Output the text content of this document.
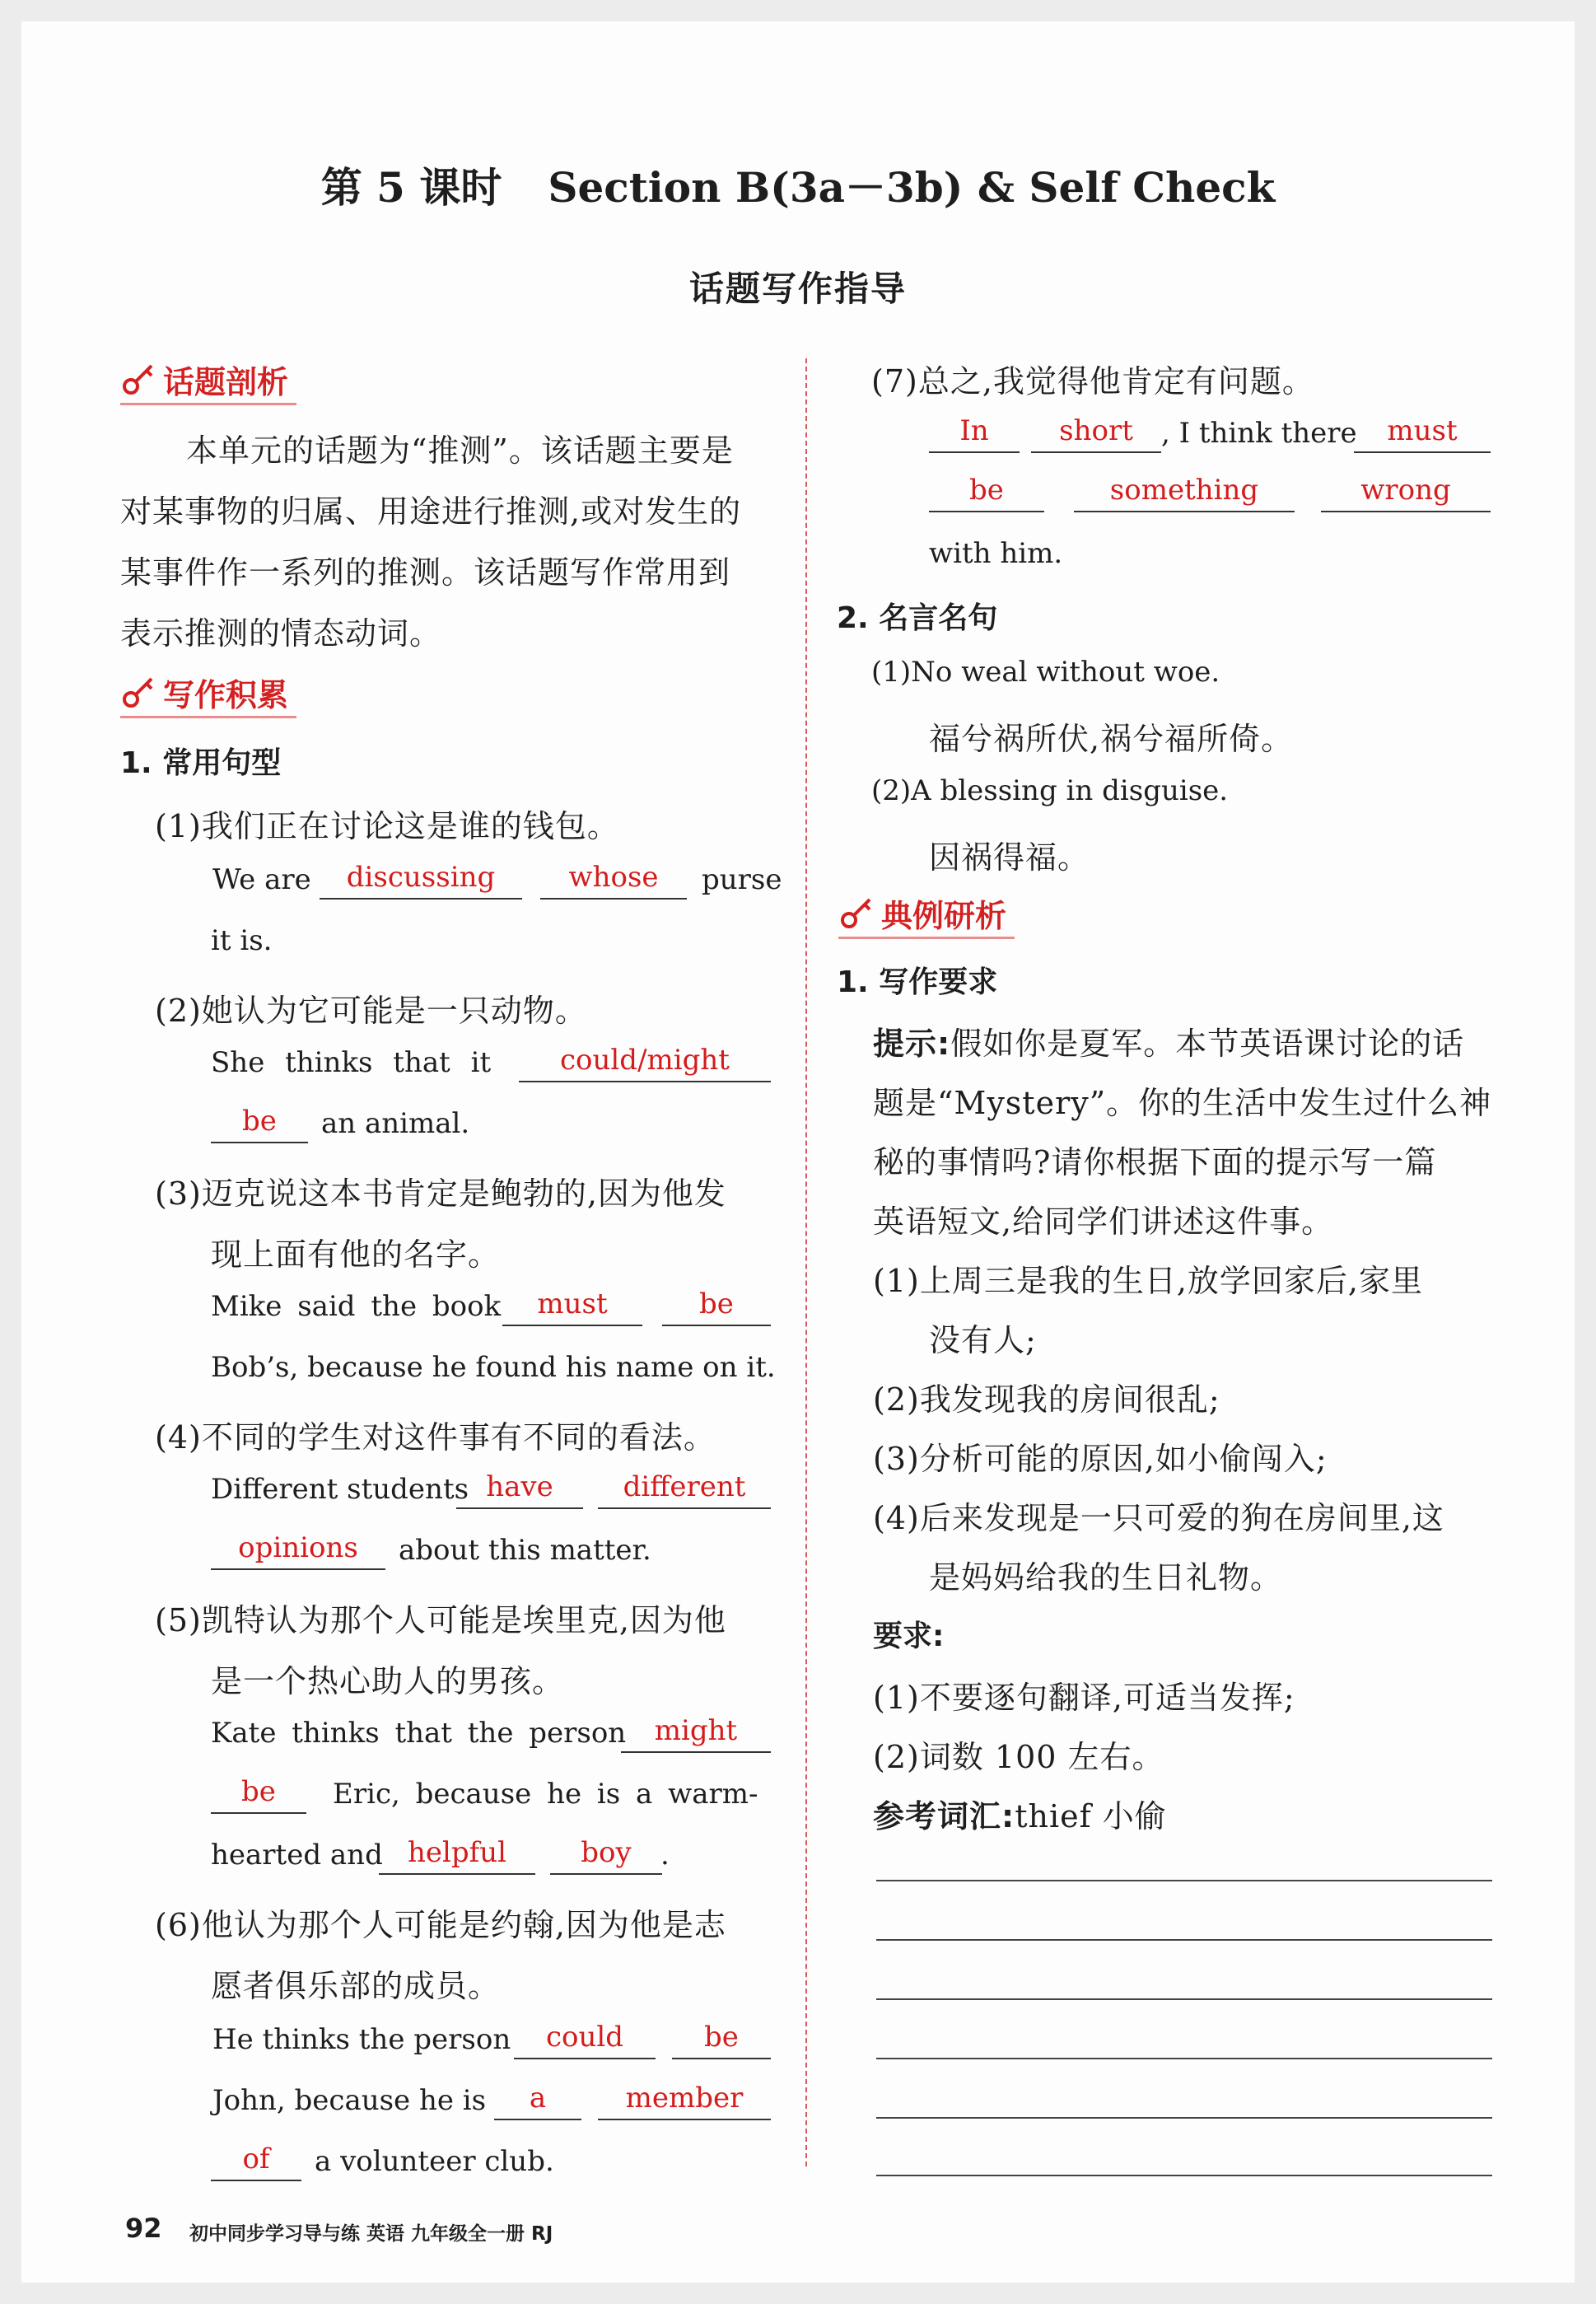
第 5 课时 Section B(3a－3b) & Self Check
话题写作指导
话题剖析
本单元的话题为“推测”。该话题主要是
对某事物的归属、用途进行推测,或对发生的
某事件作一系列的推测。该话题写作常用到
表示推测的情态动词。
写作积累
1. 常用句型
(1)我们正在讨论这是谁的钱包。
We are	discussing	whose	purse
it is.
(2)她认为它可能是一只动物。
She thinks that it	could/might
be	an animal.
(3)迈克说这本书肯定是鲍勃的,因为他发
现上面有他的名字。
Mike said the book	must	be
Bob’s, because he found his name on it.
(4)不同的学生对这件事有不同的看法。
Different students have	different
opinions	about this matter.
(5)凯特认为那个人可能是埃里克,因为他
是一个热心助人的男孩。
Kate thinks that the person	might
be	Eric, because he is a warm-
hearted and helpful	boy	.
(6)他认为那个人可能是约翰,因为他是志
愿者俱乐部的成员。
He thinks the person	could	be
John, because he is	a	member
of	a volunteer club.
(7)总之,我觉得他肯定有问题。
In	short	, I think there	must
be	something	wrong
with him.
2. 名言名句
(1)No weal without woe.
福兮祸所伏,祸兮福所倚。
(2)A blessing in disguise.
因祸得福。
典例研析
1. 写作要求
提示:假如你是夏军。本节英语课讨论的话
题是“Mystery”。你的生活中发生过什么神
秘的事情吗?请你根据下面的提示写一篇
英语短文,给同学们讲述这件事。
(1)上周三是我的生日,放学回家后,家里
没有人;
(2)我发现我的房间很乱;
(3)分析可能的原因,如小偷闯入;
(4)后来发现是一只可爱的狗在房间里,这
是妈妈给我的生日礼物。
要求:
(1)不要逐句翻译,可适当发挥;
(2)词数 100 左右。
参考词汇:thief 小偷
92 初中同步学习导与练 英语 九年级全一册 RJ
